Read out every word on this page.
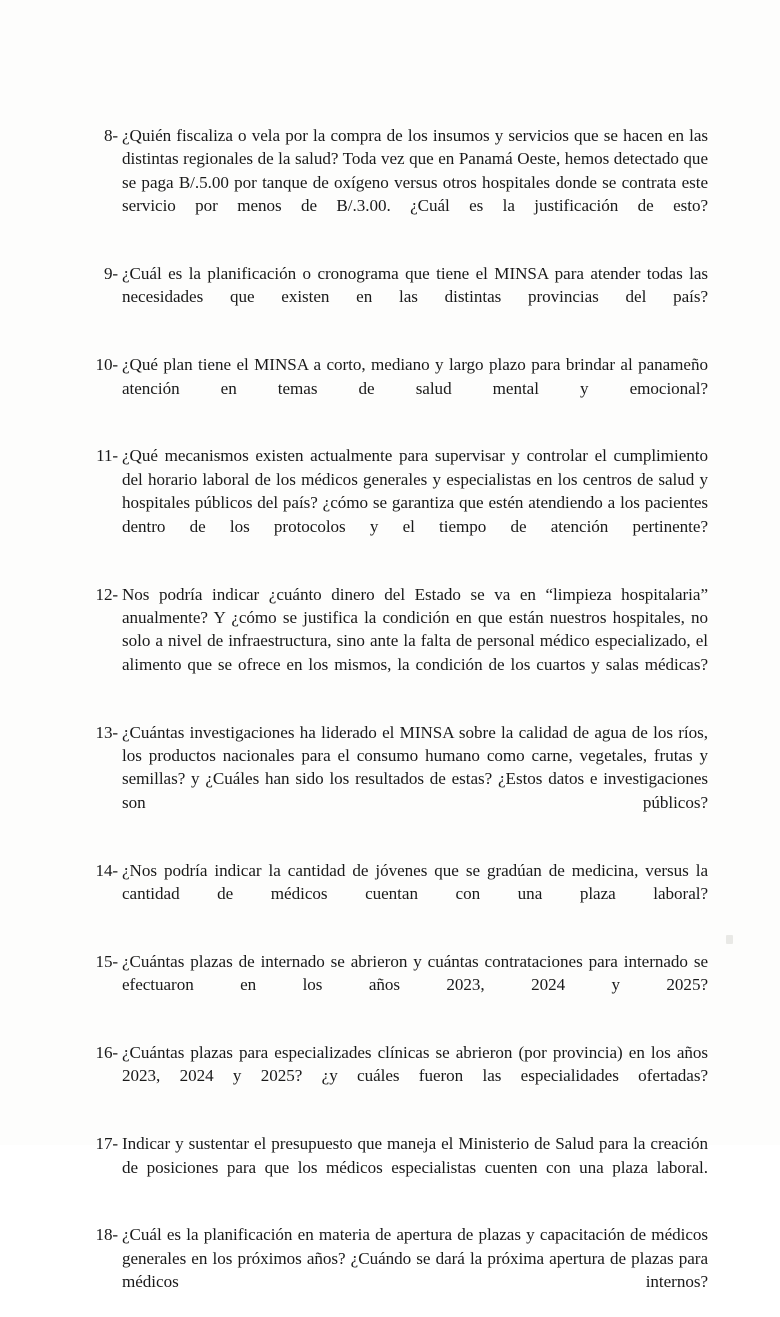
8- ¿Quién fiscaliza o vela por la compra de los insumos y servicios que se hacen en las distintas regionales de la salud? Toda vez que en Panamá Oeste, hemos detectado que se paga B/.5.00 por tanque de oxígeno versus otros hospitales donde se contrata este servicio por menos de B/.3.00. ¿Cuál es la justificación de esto?
9- ¿Cuál es la planificación o cronograma que tiene el MINSA para atender todas las necesidades que existen en las distintas provincias del país?
10- ¿Qué plan tiene el MINSA a corto, mediano y largo plazo para brindar al panameño atención en temas de salud mental y emocional?
11- ¿Qué mecanismos existen actualmente para supervisar y controlar el cumplimiento del horario laboral de los médicos generales y especialistas en los centros de salud y hospitales públicos del país? ¿cómo se garantiza que estén atendiendo a los pacientes dentro de los protocolos y el tiempo de atención pertinente?
12- Nos podría indicar ¿cuánto dinero del Estado se va en “limpieza hospitalaria” anualmente? Y ¿cómo se justifica la condición en que están nuestros hospitales, no solo a nivel de infraestructura, sino ante la falta de personal médico especializado, el alimento que se ofrece en los mismos, la condición de los cuartos y salas médicas?
13- ¿Cuántas investigaciones ha liderado el MINSA sobre la calidad de agua de los ríos, los productos nacionales para el consumo humano como carne, vegetales, frutas y semillas? y ¿Cuáles han sido los resultados de estas? ¿Estos datos e investigaciones son públicos?
14- ¿Nos podría indicar la cantidad de jóvenes que se gradúan de medicina, versus la cantidad de médicos cuentan con una plaza laboral?
15- ¿Cuántas plazas de internado se abrieron y cuántas contrataciones para internado se efectuaron en los años 2023, 2024 y 2025?
16- ¿Cuántas plazas para especializades clínicas se abrieron (por provincia) en los años 2023, 2024 y 2025? ¿y cuáles fueron las especialidades ofertadas?
17- Indicar y sustentar el presupuesto que maneja el Ministerio de Salud para la creación de posiciones para que los médicos especialistas cuenten con una plaza laboral.
18- ¿Cuál es la planificación en materia de apertura de plazas y capacitación de médicos generales en los próximos años? ¿Cuándo se dará la próxima apertura de plazas para médicos internos?
